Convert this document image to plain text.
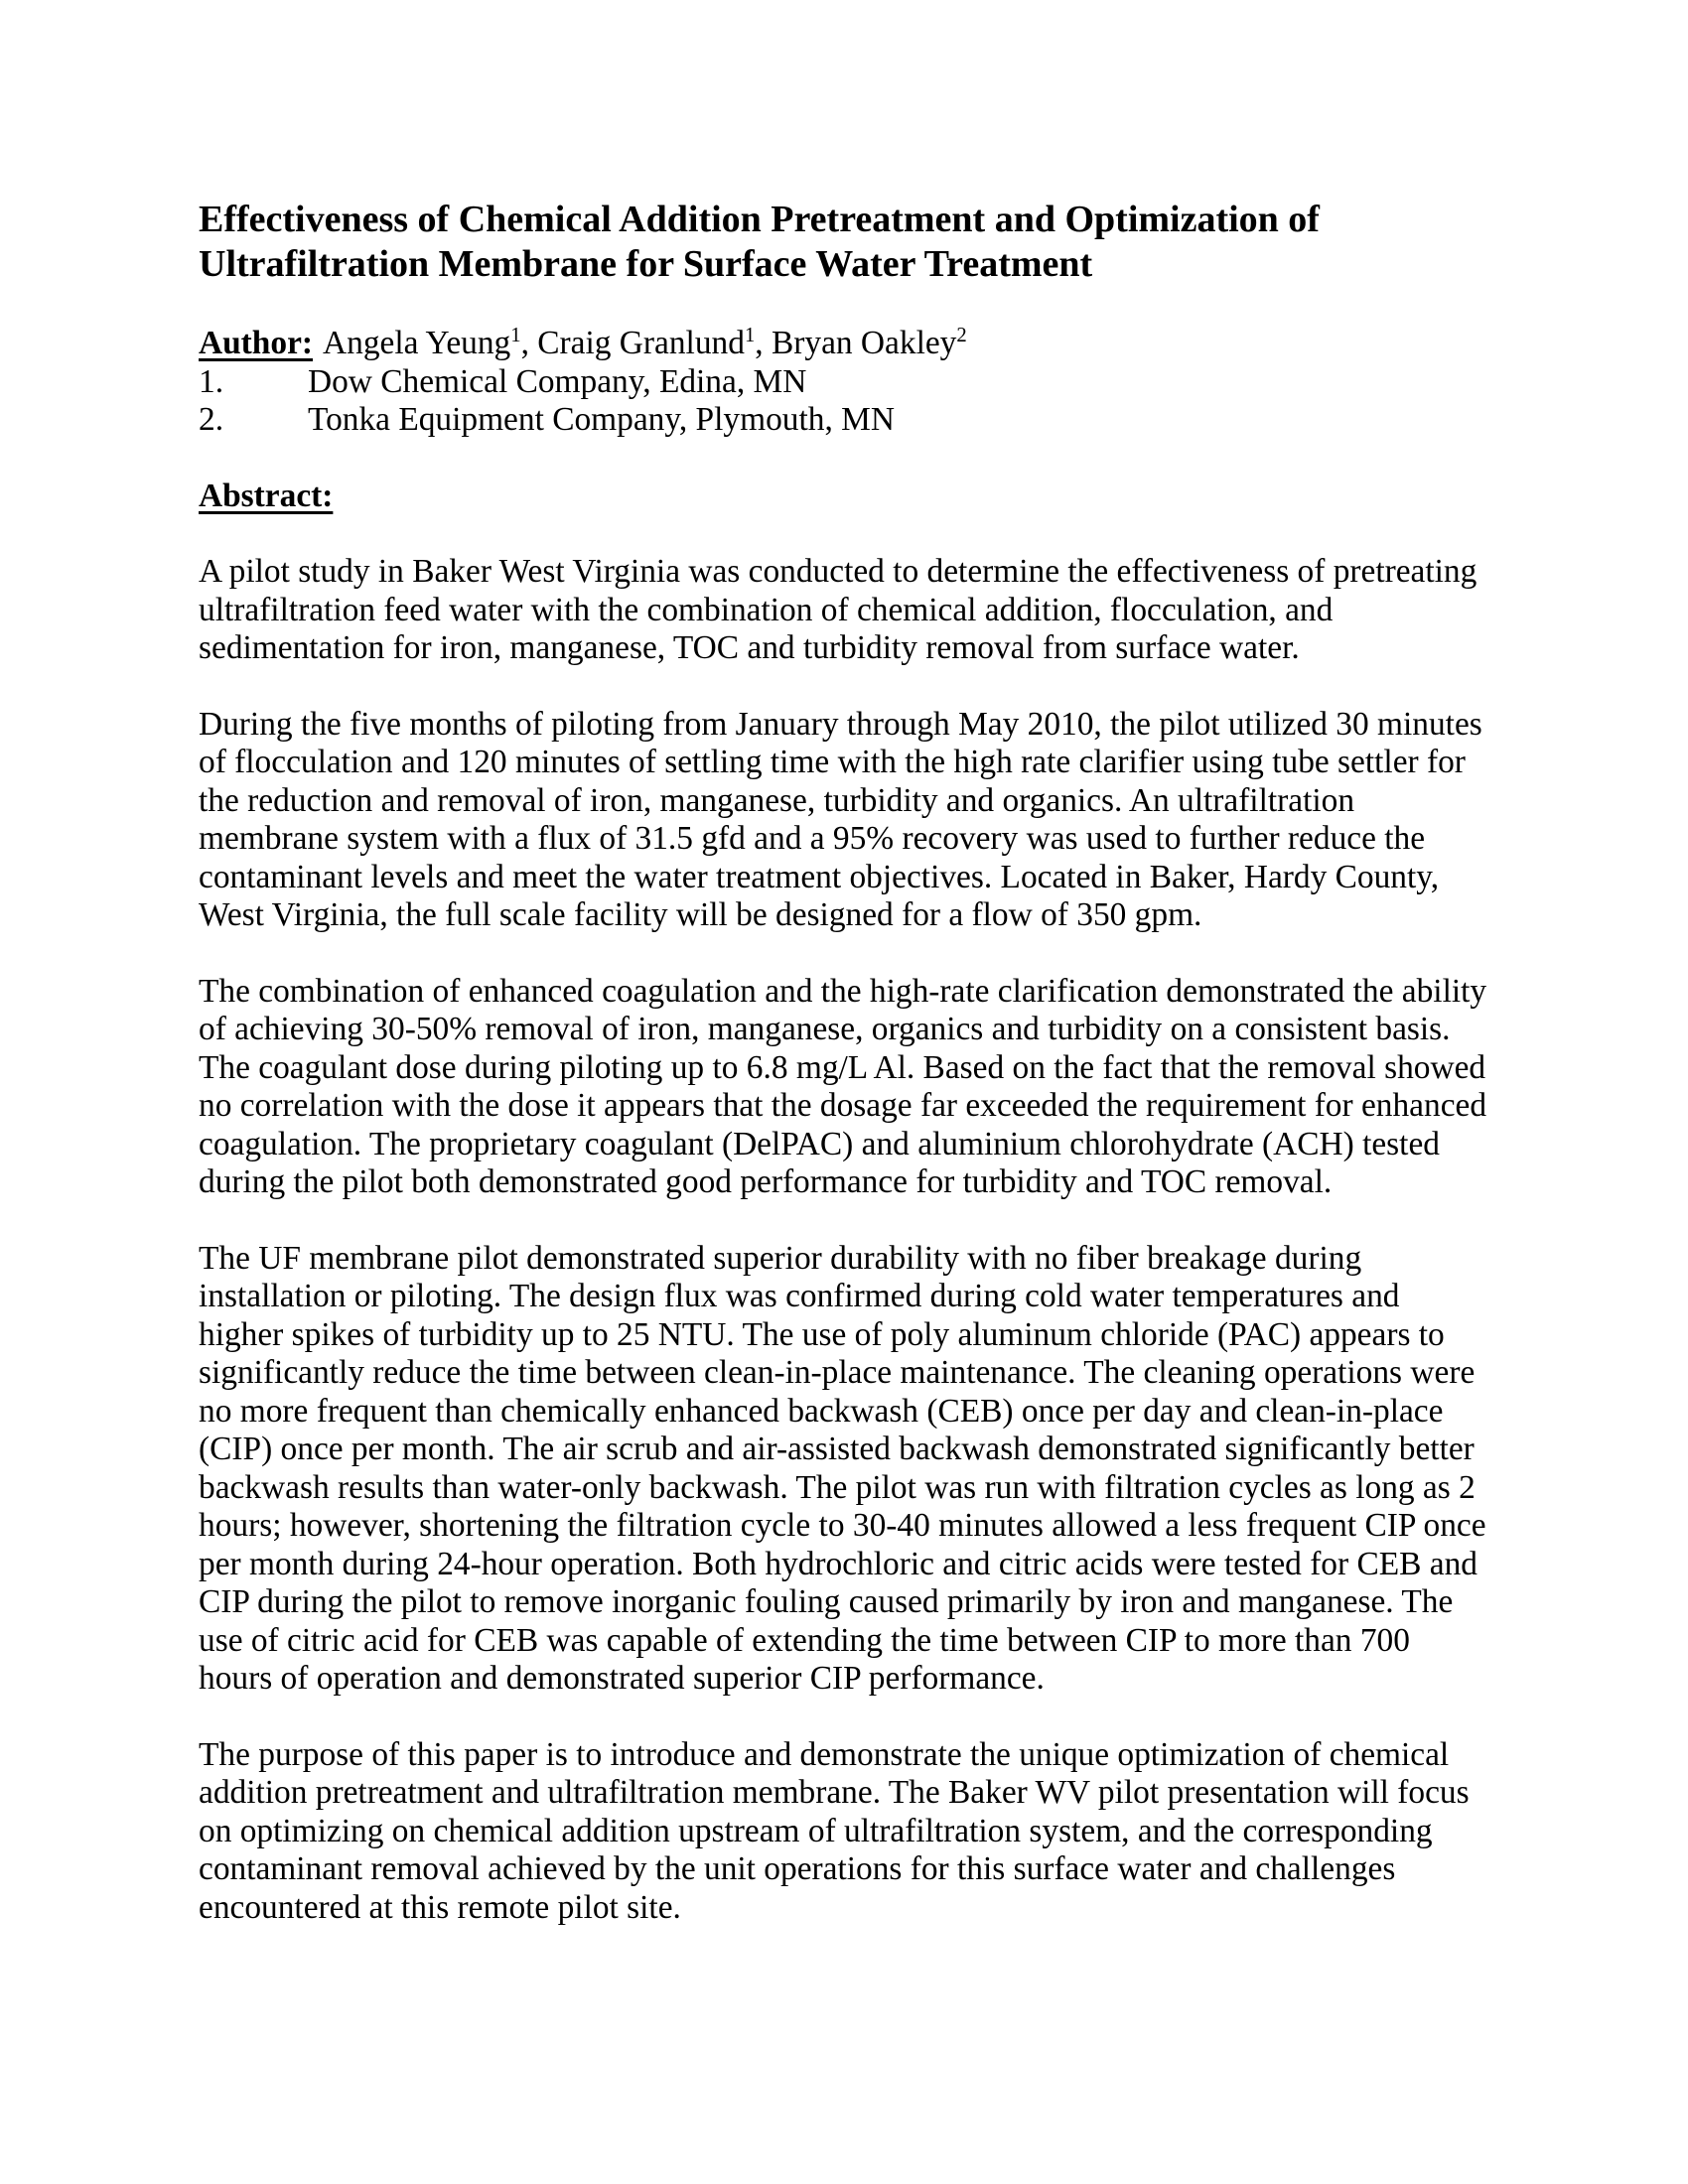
Effectiveness of Chemical Addition Pretreatment and Optimization of
Ultrafiltration Membrane for Surface Water Treatment
Author: Angela Yeung$^1$, Craig Granlund$^1$, Bryan Oakley$^2$
1.	Dow Chemical Company, Edina, MN
2.	Tonka Equipment Company, Plymouth, MN
Abstract:

A pilot study in Baker West Virginia was conducted to determine the effectiveness of pretreating ultrafiltration feed water with the combination of chemical addition, flocculation, and sedimentation for iron, manganese, TOC and turbidity removal from surface water.

During the five months of piloting from January through May 2010, the pilot utilized 30 minutes of flocculation and 120 minutes of settling time with the high rate clarifier using tube settler for the reduction and removal of iron, manganese, turbidity and organics. An ultrafiltration membrane system with a flux of 31.5 gfd and a 95% recovery was used to further reduce the contaminant levels and meet the water treatment objectives. Located in Baker, Hardy County, West Virginia, the full scale facility will be designed for a flow of 350 gpm.

The combination of enhanced coagulation and the high-rate clarification demonstrated the ability of achieving 30-50% removal of iron, manganese, organics and turbidity on a consistent basis. The coagulant dose during piloting up to 6.8 mg/L Al. Based on the fact that the removal showed no correlation with the dose it appears that the dosage far exceeded the requirement for enhanced coagulation. The proprietary coagulant (DelPAC) and aluminium chlorohydrate (ACH) tested during the pilot both demonstrated good performance for turbidity and TOC removal.

The UF membrane pilot demonstrated superior durability with no fiber breakage during installation or piloting. The design flux was confirmed during cold water temperatures and higher spikes of turbidity up to 25 NTU. The use of poly aluminum chloride (PAC) appears to significantly reduce the time between clean-in-place maintenance. The cleaning operations were no more frequent than chemically enhanced backwash (CEB) once per day and clean-in-place (CIP) once per month. The air scrub and air-assisted backwash demonstrated significantly better backwash results than water-only backwash. The pilot was run with filtration cycles as long as 2 hours; however, shortening the filtration cycle to 30-40 minutes allowed a less frequent CIP once per month during 24-hour operation. Both hydrochloric and citric acids were tested for CEB and CIP during the pilot to remove inorganic fouling caused primarily by iron and manganese. The use of citric acid for CEB was capable of extending the time between CIP to more than 700 hours of operation and demonstrated superior CIP performance.

The purpose of this paper is to introduce and demonstrate the unique optimization of chemical addition pretreatment and ultrafiltration membrane. The Baker WV pilot presentation will focus on optimizing on chemical addition upstream of ultrafiltration system, and the corresponding contaminant removal achieved by the unit operations for this surface water and challenges encountered at this remote pilot site.
